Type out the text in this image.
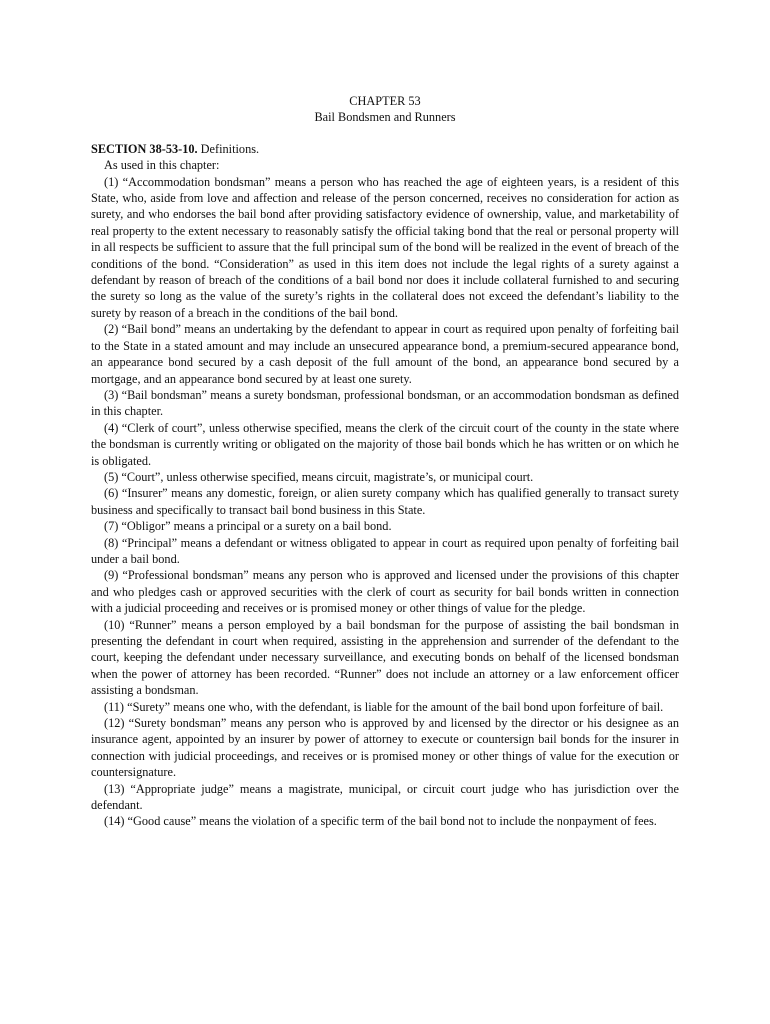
CHAPTER 53
Bail Bondsmen and Runners

SECTION 38-53-10. Definitions.

As used in this chapter:

(1) “Accommodation bondsman” means a person who has reached the age of eighteen years, is a resident of this State, who, aside from love and affection and release of the person concerned, receives no consideration for action as surety, and who endorses the bail bond after providing satisfactory evidence of ownership, value, and marketability of real property to the extent necessary to reasonably satisfy the official taking bond that the real or personal property will in all respects be sufficient to assure that the full principal sum of the bond will be realized in the event of breach of the conditions of the bond. “Consideration” as used in this item does not include the legal rights of a surety against a defendant by reason of breach of the conditions of a bail bond nor does it include collateral furnished to and securing the surety so long as the value of the surety’s rights in the collateral does not exceed the defendant’s liability to the surety by reason of a breach in the conditions of the bail bond.

(2) “Bail bond” means an undertaking by the defendant to appear in court as required upon penalty of forfeiting bail to the State in a stated amount and may include an unsecured appearance bond, a premium-secured appearance bond, an appearance bond secured by a cash deposit of the full amount of the bond, an appearance bond secured by a mortgage, and an appearance bond secured by at least one surety.

(3) “Bail bondsman” means a surety bondsman, professional bondsman, or an accommodation bondsman as defined in this chapter.

(4) “Clerk of court”, unless otherwise specified, means the clerk of the circuit court of the county in the state where the bondsman is currently writing or obligated on the majority of those bail bonds which he has written or on which he is obligated.

(5) “Court”, unless otherwise specified, means circuit, magistrate’s, or municipal court.

(6) “Insurer” means any domestic, foreign, or alien surety company which has qualified generally to transact surety business and specifically to transact bail bond business in this State.

(7) “Obligor” means a principal or a surety on a bail bond.

(8) “Principal” means a defendant or witness obligated to appear in court as required upon penalty of forfeiting bail under a bail bond.

(9) “Professional bondsman” means any person who is approved and licensed under the provisions of this chapter and who pledges cash or approved securities with the clerk of court as security for bail bonds written in connection with a judicial proceeding and receives or is promised money or other things of value for the pledge.

(10) “Runner” means a person employed by a bail bondsman for the purpose of assisting the bail bondsman in presenting the defendant in court when required, assisting in the apprehension and surrender of the defendant to the court, keeping the defendant under necessary surveillance, and executing bonds on behalf of the licensed bondsman when the power of attorney has been recorded. “Runner” does not include an attorney or a law enforcement officer assisting a bondsman.

(11) “Surety” means one who, with the defendant, is liable for the amount of the bail bond upon forfeiture of bail.

(12) “Surety bondsman” means any person who is approved by and licensed by the director or his designee as an insurance agent, appointed by an insurer by power of attorney to execute or countersign bail bonds for the insurer in connection with judicial proceedings, and receives or is promised money or other things of value for the execution or countersignature.

(13) “Appropriate judge” means a magistrate, municipal, or circuit court judge who has jurisdiction over the defendant.

(14) “Good cause” means the violation of a specific term of the bail bond not to include the nonpayment of fees.
